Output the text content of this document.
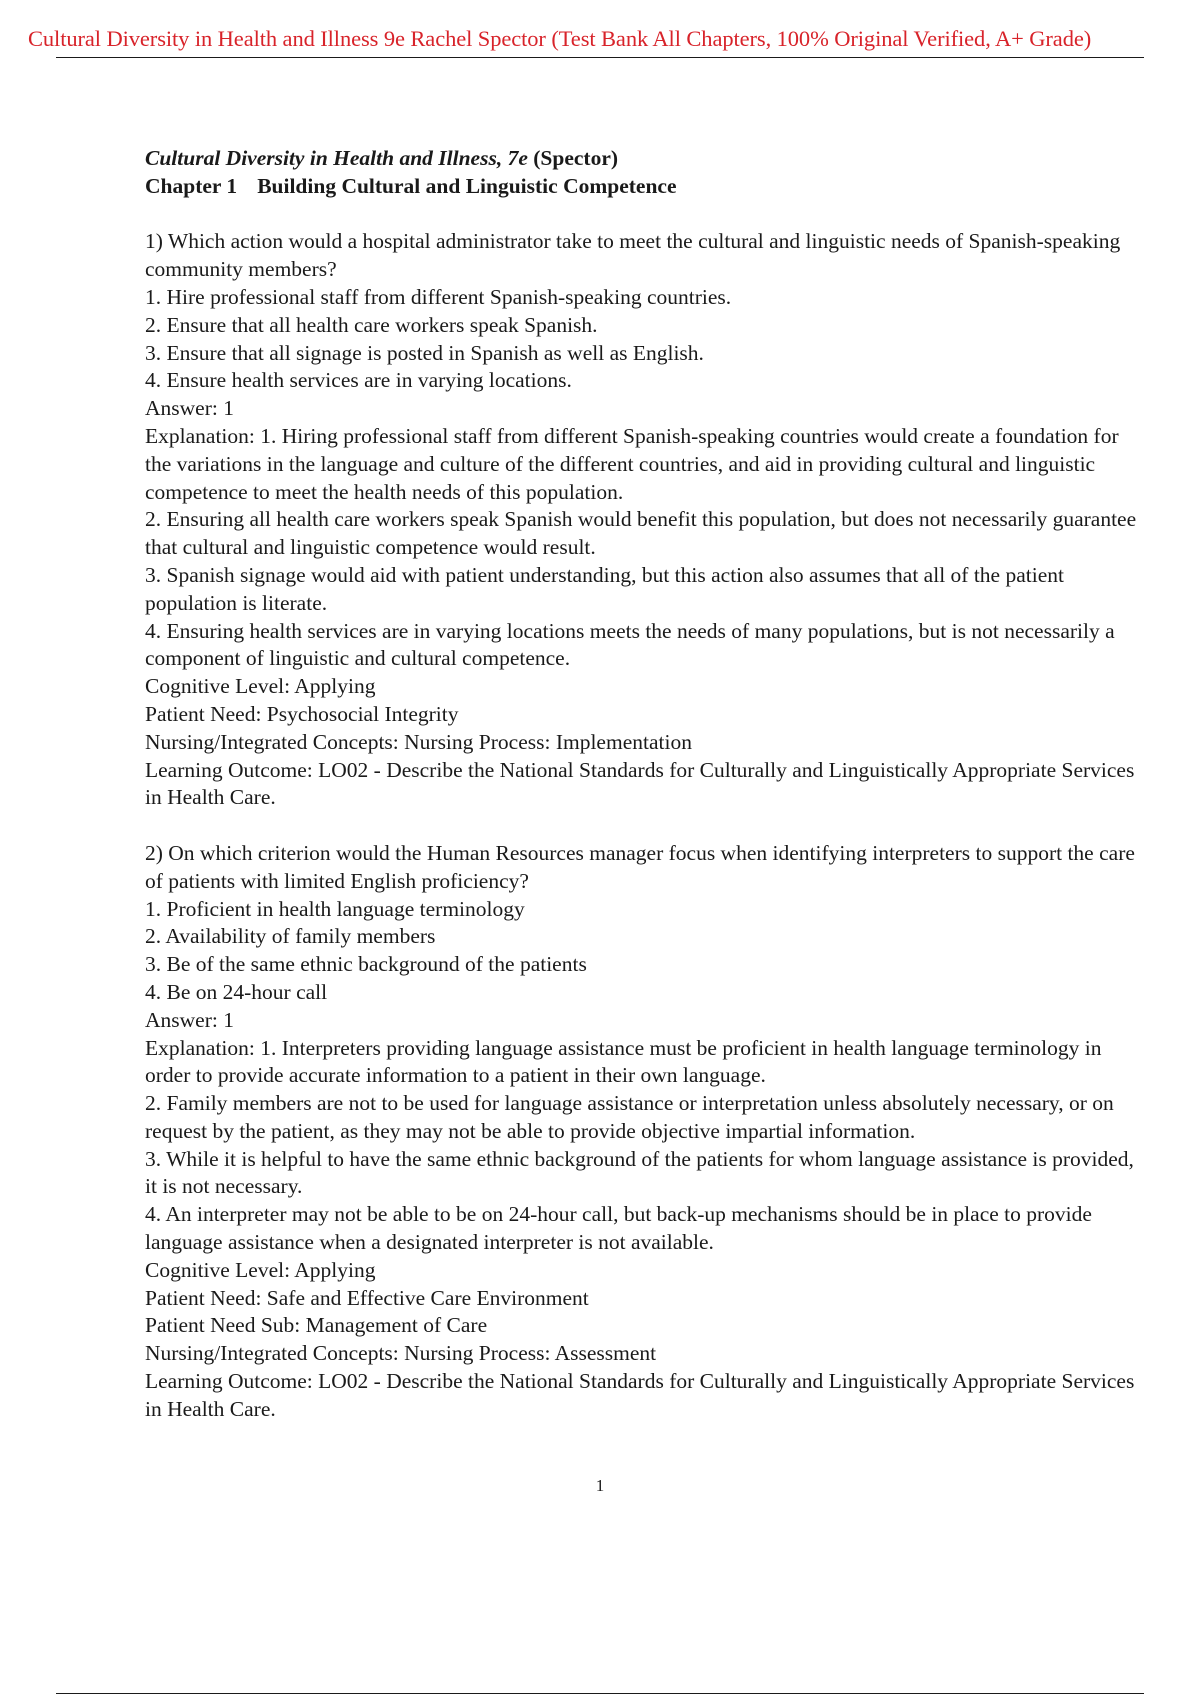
Cultural Diversity in Health and Illness 9e Rachel Spector (Test Bank All Chapters, 100% Original Verified, A+ Grade)

Cultural Diversity in Health and Illness, 7e (Spector)

Chapter 1 Building Cultural and Linguistic Competence

1) Which action would a hospital administrator take to meet the cultural and linguistic needs of Spanish-speaking community members?

1. Hire professional staff from different Spanish-speaking countries.

2. Ensure that all health care workers speak Spanish.

3. Ensure that all signage is posted in Spanish as well as English.

4. Ensure health services are in varying locations.

Answer: 1

Explanation: 1. Hiring professional staff from different Spanish-speaking countries would create a foundation for the variations in the language and culture of the different countries, and aid in providing cultural and linguistic competence to meet the health needs of this population.

2. Ensuring all health care workers speak Spanish would benefit this population, but does not necessarily guarantee that cultural and linguistic competence would result.

3. Spanish signage would aid with patient understanding, but this action also assumes that all of the patient population is literate.

4. Ensuring health services are in varying locations meets the needs of many populations, but is not necessarily a component of linguistic and cultural competence.

Cognitive Level: Applying

Patient Need: Psychosocial Integrity

Nursing/Integrated Concepts: Nursing Process: Implementation

Learning Outcome: LO02 - Describe the National Standards for Culturally and Linguistically Appropriate Services in Health Care.

2) On which criterion would the Human Resources manager focus when identifying interpreters to support the care of patients with limited English proficiency?

1. Proficient in health language terminology

2. Availability of family members

3. Be of the same ethnic background of the patients

4. Be on 24-hour call

Answer: 1

Explanation: 1. Interpreters providing language assistance must be proficient in health language terminology in order to provide accurate information to a patient in their own language.

2. Family members are not to be used for language assistance or interpretation unless absolutely necessary, or on request by the patient, as they may not be able to provide objective impartial information.

3. While it is helpful to have the same ethnic background of the patients for whom language assistance is provided, it is not necessary.

4. An interpreter may not be able to be on 24-hour call, but back-up mechanisms should be in place to provide language assistance when a designated interpreter is not available.

Cognitive Level: Applying

Patient Need: Safe and Effective Care Environment

Patient Need Sub: Management of Care

Nursing/Integrated Concepts: Nursing Process: Assessment

Learning Outcome: LO02 - Describe the National Standards for Culturally and Linguistically Appropriate Services in Health Care.

1
